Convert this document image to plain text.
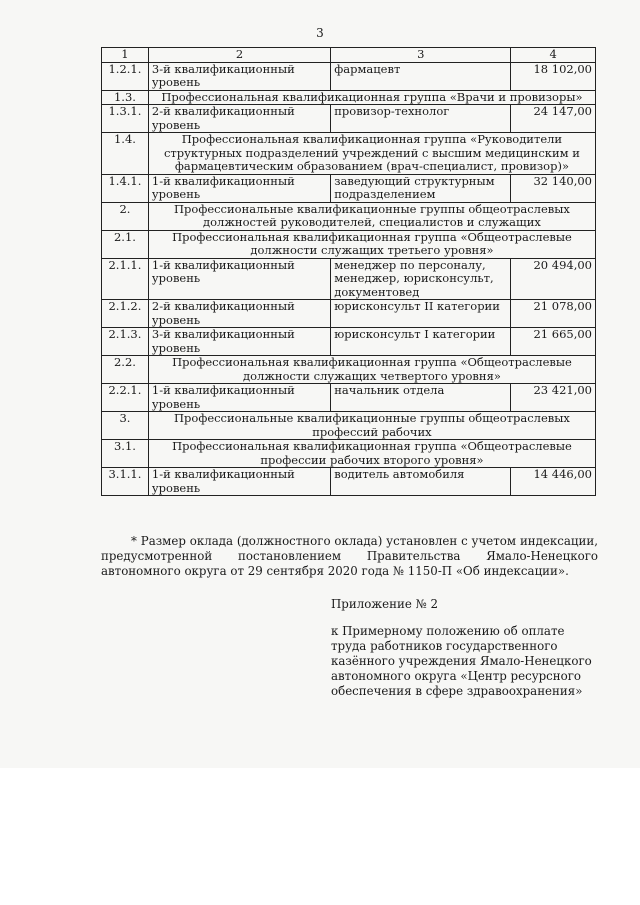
3
1	2	3	4
1.2.1.	3-й квалификационный уровень	фармацевт	18 102,00
1.3.	Профессиональная квалификационная группа «Врачи и провизоры»		
1.3.1.	2-й квалификационный уровень	провизор-технолог	24 147,00
1.4.	Профессиональная квалификационная группа «Руководители структурных подразделений учреждений с высшим медицинским и фармацевтическим образованием (врач-специалист, провизор)»		
1.4.1.	1-й квалификационный уровень	заведующий структурным подразделением	32 140,00
2.	Профессиональные квалификационные группы общеотраслевых должностей руководителей, специалистов и служащих		
2.1.	Профессиональная квалификационная группа «Общеотраслевые должности служащих третьего уровня»		
2.1.1.	1-й квалификационный уровень	менеджер по персоналу, менеджер, юрисконсульт, документовед	20 494,00
2.1.2.	2-й квалификационный уровень	юрисконсульт II категории	21 078,00
2.1.3.	3-й квалификационный уровень	юрисконсульт I категории	21 665,00
2.2.	Профессиональная квалификационная группа «Общеотраслевые должности служащих четвертого уровня»		
2.2.1.	1-й квалификационный уровень	начальник отдела	23 421,00
3.	Профессиональные квалификационные группы общеотраслевых профессий рабочих		
3.1.	Профессиональная квалификационная группа «Общеотраслевые профессии рабочих второго уровня»		
3.1.1.	1-й квалификационный уровень	водитель автомобиля	14 446,00
* Размер оклада (должностного оклада) установлен с учетом индексации, предусмотренной постановлением Правительства Ямало-Ненецкого автономного округа от 29 сентября 2020 года № 1150-П «Об индексации».
Приложение № 2
к Примерному положению об оплате
труда работников государственного
казённого учреждения Ямало-Ненецкого
автономного округа «Центр ресурсного
обеспечения в сфере здравоохранения»
